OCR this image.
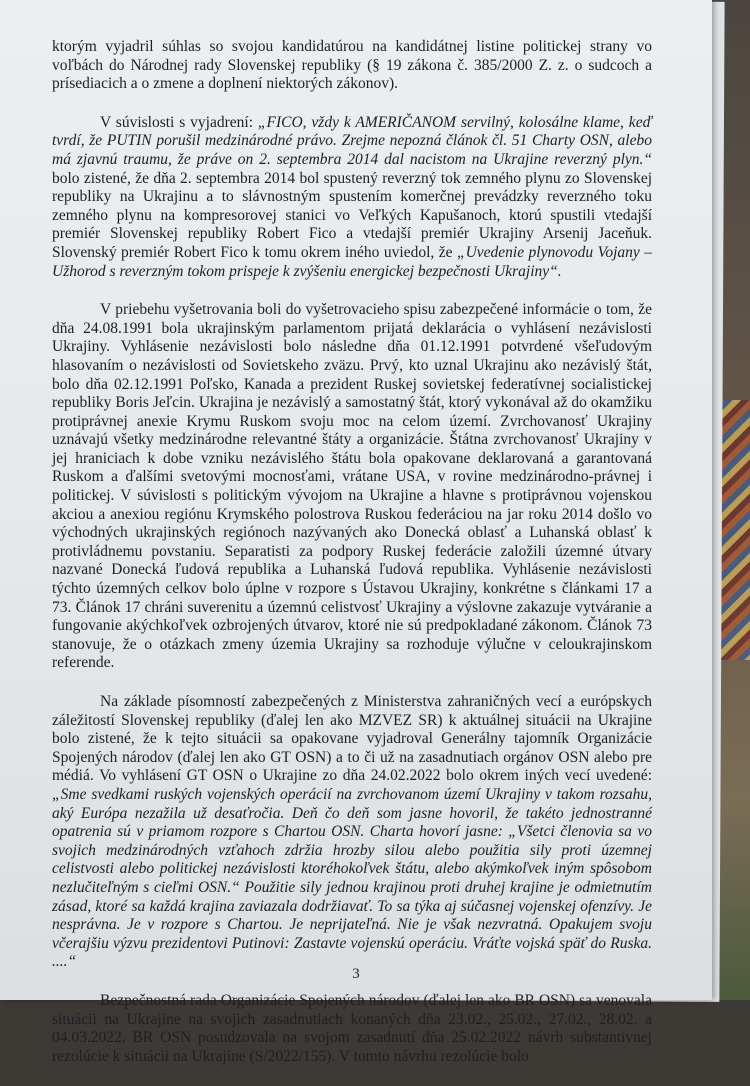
ktorým vyjadril súhlas so svojou kandidatúrou na kandidátnej listine politickej strany vo voľbách do Národnej rady Slovenskej republiky (§ 19 zákona č. 385/2000 Z. z. o sudcoch a prísediacich a o zmene a doplnení niektorých zákonov).

V súvislosti s vyjadrení: „FICO, vždy k AMERIČANOM servilný, kolosálne klame, keď tvrdí, že PUTIN porušil medzinárodné právo. Zrejme nepozná článok čl. 51 Charty OSN, alebo má zjavnú traumu, že práve on 2. septembra 2014 dal nacistom na Ukrajine reverzný plyn.“ bolo zistené, že dňa 2. septembra 2014 bol spustený reverzný tok zemného plynu zo Slovenskej republiky na Ukrajinu a to slávnostným spustením komerčnej prevádzky reverzného toku zemného plynu na kompresorovej stanici vo Veľkých Kapušanoch, ktorú spustili vtedajší premiér Slovenskej republiky Robert Fico a vtedajší premiér Ukrajiny Arsenij Jaceňuk. Slovenský premiér Robert Fico k tomu okrem iného uviedol, že „Uvedenie plynovodu Vojany – Užhorod s reverzným tokom prispeje k zvýšeniu energickej bezpečnosti Ukrajiny“.

V priebehu vyšetrovania boli do vyšetrovacieho spisu zabezpečené informácie o tom, že dňa 24.08.1991 bola ukrajinským parlamentom prijatá deklarácia o vyhlásení nezávislosti Ukrajiny. Vyhlásenie nezávislosti bolo následne dňa 01.12.1991 potvrdené všeľudovým hlasovaním o nezávislosti od Sovietskeho zväzu. Prvý, kto uznal Ukrajinu ako nezávislý štát, bolo dňa 02.12.1991 Poľsko, Kanada a prezident Ruskej sovietskej federatívnej socialistickej republiky Boris Jeľcin. Ukrajina je nezávislý a samostatný štát, ktorý vykonával až do okamžiku protiprávnej anexie Krymu Ruskom svoju moc na celom území. Zvrchovanosť Ukrajiny uznávajú všetky medzinárodne relevantné štáty a organizácie. Štátna zvrchovanosť Ukrajiny v jej hraniciach k dobe vzniku nezávislého štátu bola opakovane deklarovaná a garantovaná Ruskom a ďalšími svetovými mocnosťami, vrátane USA, v rovine medzinárodno-právnej i politickej. V súvislosti s politickým vývojom na Ukrajine a hlavne s protiprávnou vojenskou akciou a anexiou regiónu Krymského polostrova Ruskou federáciou na jar roku 2014 došlo vo východných ukrajinských regiónoch nazývaných ako Donecká oblasť a Luhanská oblasť k protivládnemu povstaniu. Separatisti za podpory Ruskej federácie založili územné útvary nazvané Donecká ľudová republika a Luhanská ľudová republika. Vyhlásenie nezávislosti týchto územných celkov bolo úplne v rozpore s Ústavou Ukrajiny, konkrétne s článkami 17 a 73. Článok 17 chráni suverenitu a územnú celistvosť Ukrajiny a výslovne zakazuje vytváranie a fungovanie akýchkoľvek ozbrojených útvarov, ktoré nie sú predpokladané zákonom. Článok 73 stanovuje, že o otázkach zmeny územia Ukrajiny sa rozhoduje výlučne v celoukrajinskom referende.

Na základe písomností zabezpečených z Ministerstva zahraničných vecí a európskych záležitostí Slovenskej republiky (ďalej len ako MZVEZ SR) k aktuálnej situácii na Ukrajine bolo zistené, že k tejto situácii sa opakovane vyjadroval Generálny tajomník Organizácie Spojených národov (ďalej len ako GT OSN) a to či už na zasadnutiach orgánov OSN alebo pre médiá. Vo vyhlásení GT OSN o Ukrajine zo dňa 24.02.2022 bolo okrem iných vecí uvedené: „Sme svedkami ruských vojenských operácií na zvrchovanom území Ukrajiny v takom rozsahu, aký Európa nezažila už desaťročia. Deň čo deň som jasne hovoril, že takéto jednostranné opatrenia sú v priamom rozpore s Chartou OSN. Charta hovorí jasne: „Všetci členovia sa vo svojich medzinárodných vzťahoch zdržia hrozby silou alebo použitia sily proti územnej celistvosti alebo politickej nezávislosti ktoréhokoľvek štátu, alebo akýmkoľvek iným spôsobom nezlučiteľným s cieľmi OSN.“ Použitie sily jednou krajinou proti druhej krajine je odmietnutím zásad, ktoré sa každá krajina zaviazala dodržiavať. To sa týka aj súčasnej vojenskej ofenzívy. Je nesprávna. Je v rozpore s Chartou. Je neprijateľná. Nie je však nezvratná. Opakujem svoju včerajšiu výzvu prezidentovi Putinovi: Zastavte vojenskú operáciu. Vráťte vojská späť do Ruska. ....“

Bezpečnostná rada Organizácie Spojených národov (ďalej len ako BR OSN) sa venovala situácii na Ukrajine na svojich zasadnutiach konaných dňa 23.02., 25.02., 27.02., 28.02. a 04.03.2022. BR OSN posudzovala na svojom zasadnutí dňa 25.02.2022 návrh substantívnej rezolúcie k situácii na Ukrajine (S/2022/155). V tomto návrhu rezolúcie bolo

3
